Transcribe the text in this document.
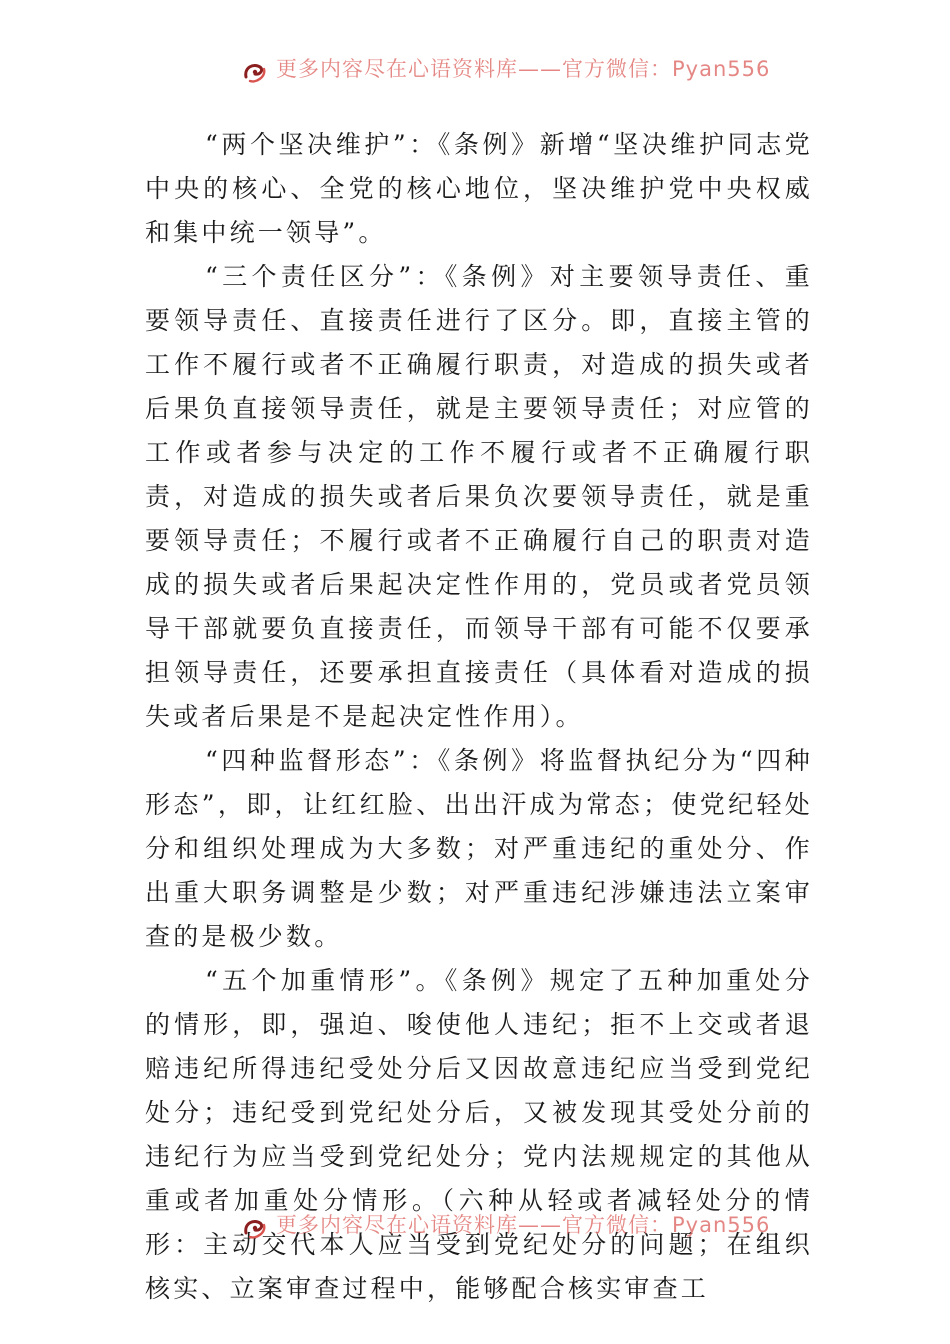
更多内容尽在心语资料库——官方微信：Pyan556

“两个坚决维护”：《条例》新增“坚决维护同志党中央的核心、全党的核心地位，坚决维护党中央权威和集中统一领导”。

“三个责任区分”：《条例》对主要领导责任、重要领导责任、直接责任进行了区分。即，直接主管的工作不履行或者不正确履行职责，对造成的损失或者后果负直接领导责任，就是主要领导责任；对应管的工作或者参与决定的工作不履行或者不正确履行职责，对造成的损失或者后果负次要领导责任，就是重要领导责任；不履行或者不正确履行自己的职责对造成的损失或者后果起决定性作用的，党员或者党员领导干部就要负直接责任，而领导干部有可能不仅要承担领导责任，还要承担直接责任（具体看对造成的损失或者后果是不是起决定性作用）。

“四种监督形态”：《条例》将监督执纪分为“四种形态”，即，让红红脸、出出汗成为常态；使党纪轻处分和组织处理成为大多数；对严重违纪的重处分、作出重大职务调整是少数；对严重违纪涉嫌违法立案审查的是极少数。

“五个加重情形”。《条例》规定了五种加重处分的情形，即，强迫、唆使他人违纪；拒不上交或者退赔违纪所得违纪受处分后又因故意违纪应当受到党纪处分；违纪受到党纪处分后，又被发现其受处分前的违纪行为应当受到党纪处分；党内法规规定的其他从重或者加重处分情形。（六种从轻或者减轻处分的情形：主动交代本人应当受到党纪处分的问题；在组织核实、立案审查过程中，能够配合核实审查工

更多内容尽在心语资料库——官方微信：Pyan556
